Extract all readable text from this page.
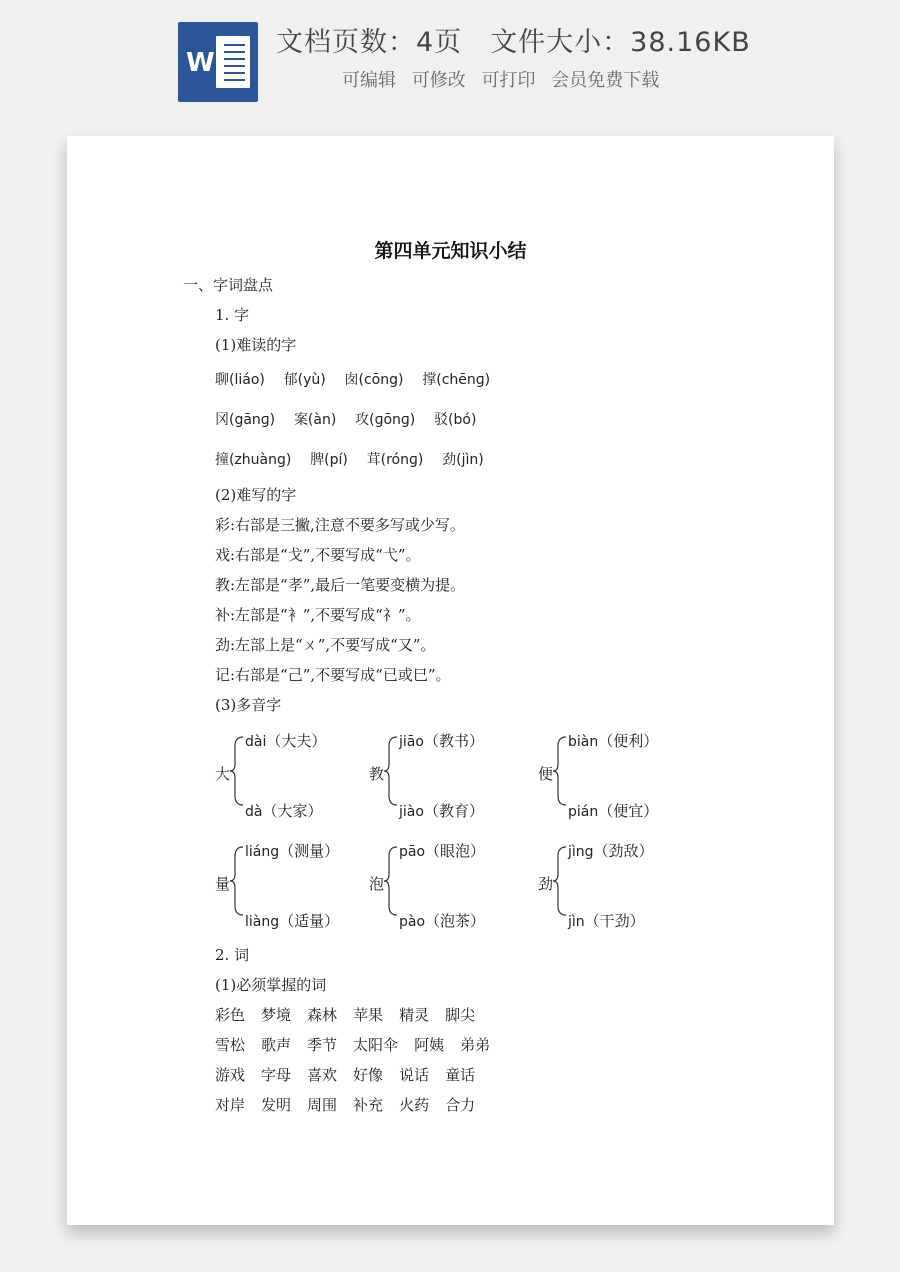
W
文档页数：4页 文件大小：38.16KB
可编辑 可修改 可打印 会员免费下载
第四单元知识小结
一、字词盘点
1. 字
(1)难读的字
聊(liáo) 郁(yù) 囱(cōng) 撑(chēnɡ)
冈(gānɡ) 案(àn) 攻(ɡōnɡ) 驳(bó)
撞(zhuàng) 脾(pí) 茸(rónɡ) 劲(jìn)
(2)难写的字
彩:右部是三撇,注意不要多写或少写。
戏:右部是“戈”,不要写成“弋”。
教:左部是“孝”,最后一笔要变横为提。
补:左部是“衤”,不要写成“礻”。
劲:左部上是“ㄨ”,不要写成“又”。
记:右部是“己”,不要写成“已或巳”。
(3)多音字
大
dài（大夫）
dà（大家）
教
jiāo（教书）
jiào（教育）
便
biàn（便利）
pián（便宜）
量
liáng（测量）
liàng（适量）
泡
pāo（眼泡）
pào（泡茶）
劲
jìng（劲敌）
jìn（干劲）
2. 词
(1)必须掌握的词
彩色 梦境 森林 苹果 精灵 脚尖
雪松 歌声 季节 太阳伞 阿姨 弟弟
游戏 字母 喜欢 好像 说话 童话
对岸 发明 周围 补充 火药 合力
